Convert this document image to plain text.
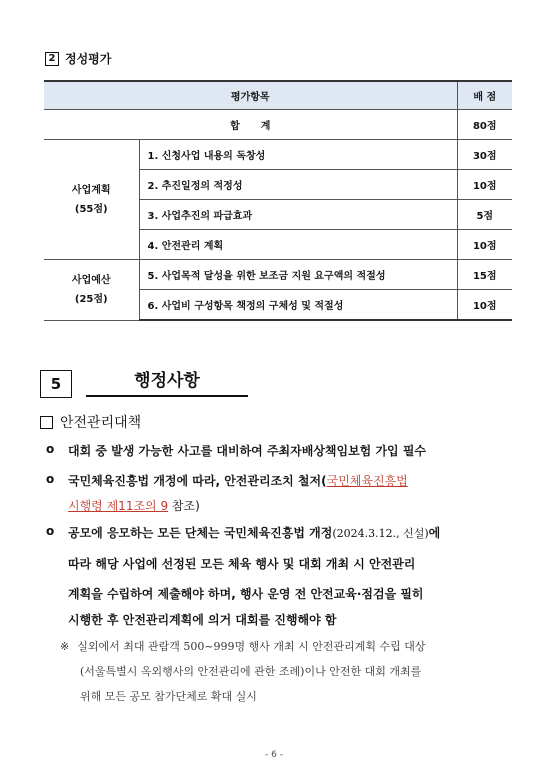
2 정성평가
평가항목		배 점
합      계		80점
사업계획
(55점)	1. 신청사업 내용의 독창성	30점
	2. 추진일정의 적정성	10점
	3. 사업추진의 파급효과	5점
	4. 안전관리 계획	10점
사업예산
(25점)	5. 사업목적 달성을 위한 보조금 지원 요구액의 적절성	15점
	6. 사업비 구성항목 책정의 구체성 및 적절성	10점
5	행정사항
안전관리대책
o	대회 중 발생 가능한 사고를 대비하여 주최자배상책임보험 가입 필수
o	국민체육진흥법 개정에 따라, 안전관리조치 철저(국민체육진흥법
시행령 제11조의 9 참조)
o	공모에 응모하는 모든 단체는 국민체육진흥법 개정(2024.3.12., 신설)에
따라 해당 사업에 선정된 모든 체육 행사 및 대회 개최 시 안전관리
계획을 수립하여 제출해야 하며, 행사 운영 전 안전교육·점검을 필히
시행한 후 안전관리계획에 의거 대회를 진행해야 함
※ 실외에서 최대 관람객 500~999명 행사 개최 시 안전관리계획 수립 대상
(서울특별시 옥외행사의 안전관리에 관한 조례)이나 안전한 대회 개최를
위해 모든 공모 참가단체로 확대 실시
- 6 -
